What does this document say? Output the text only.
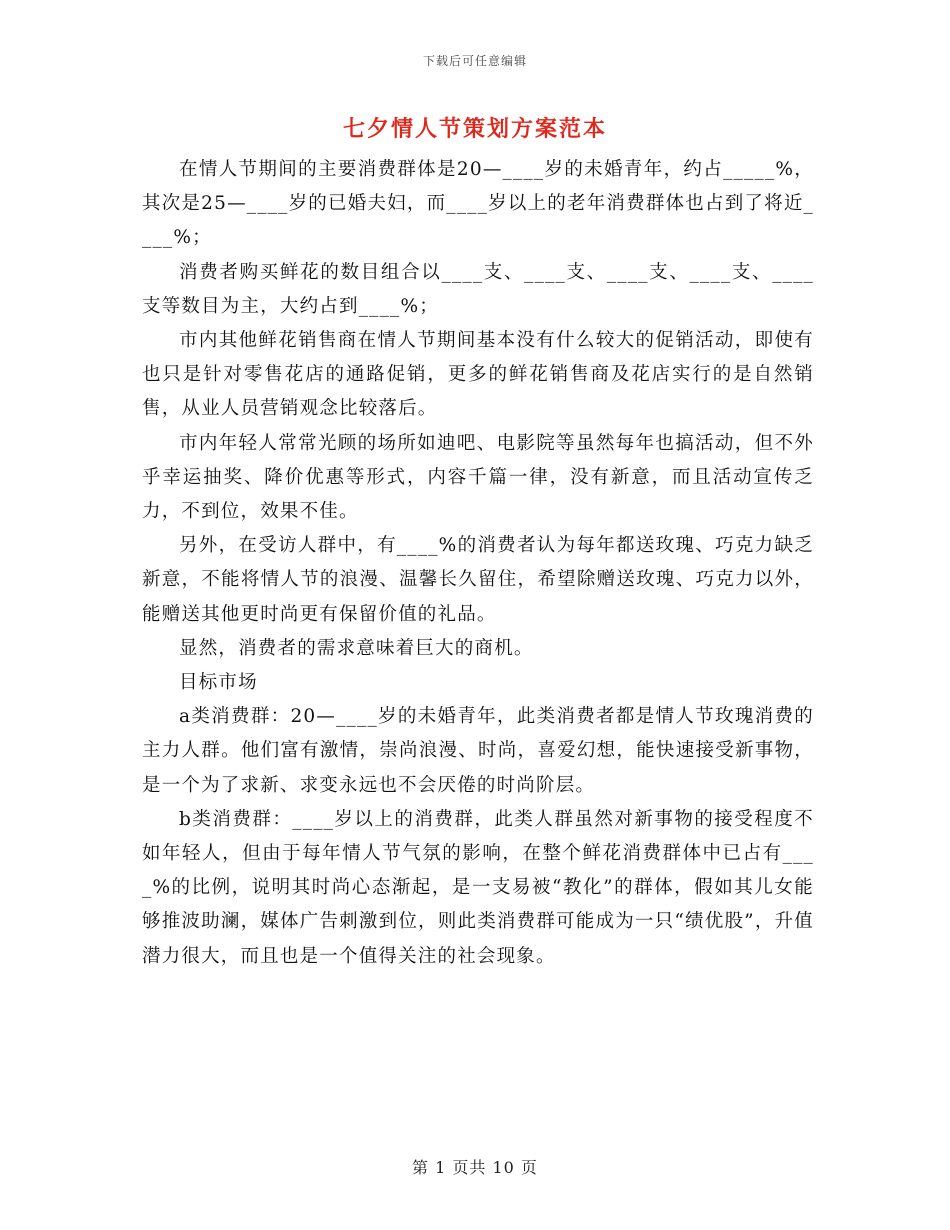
下载后可任意编辑
七夕情人节策划方案范本

在情人节期间的主要消费群体是20—____岁的未婚青年，约占_____%，其次是25—____岁的已婚夫妇，而____岁以上的老年消费群体也占到了将近____%；

消费者购买鲜花的数目组合以____支、____支、____支、____支、____支等数目为主，大约占到____%；

市内其他鲜花销售商在情人节期间基本没有什么较大的促销活动，即使有也只是针对零售花店的通路促销，更多的鲜花销售商及花店实行的是自然销售，从业人员营销观念比较落后。

市内年轻人常常光顾的场所如迪吧、电影院等虽然每年也搞活动，但不外乎幸运抽奖、降价优惠等形式，内容千篇一律，没有新意，而且活动宣传乏力，不到位，效果不佳。

另外，在受访人群中，有____%的消费者认为每年都送玫瑰、巧克力缺乏新意，不能将情人节的浪漫、温馨长久留住，希望除赠送玫瑰、巧克力以外，能赠送其他更时尚更有保留价值的礼品。

显然，消费者的需求意味着巨大的商机。

目标市场

a类消费群：20—____岁的未婚青年，此类消费者都是情人节玫瑰消费的主力人群。他们富有激情，崇尚浪漫、时尚，喜爱幻想，能快速接受新事物，是一个为了求新、求变永远也不会厌倦的时尚阶层。

b类消费群：____岁以上的消费群，此类人群虽然对新事物的接受程度不如年轻人，但由于每年情人节气氛的影响，在整个鲜花消费群体中已占有____%的比例，说明其时尚心态渐起，是一支易被“教化”的群体，假如其儿女能够推波助澜，媒体广告刺激到位，则此类消费群可能成为一只“绩优股”，升值潜力很大，而且也是一个值得关注的社会现象。

第 1 页共 10 页
